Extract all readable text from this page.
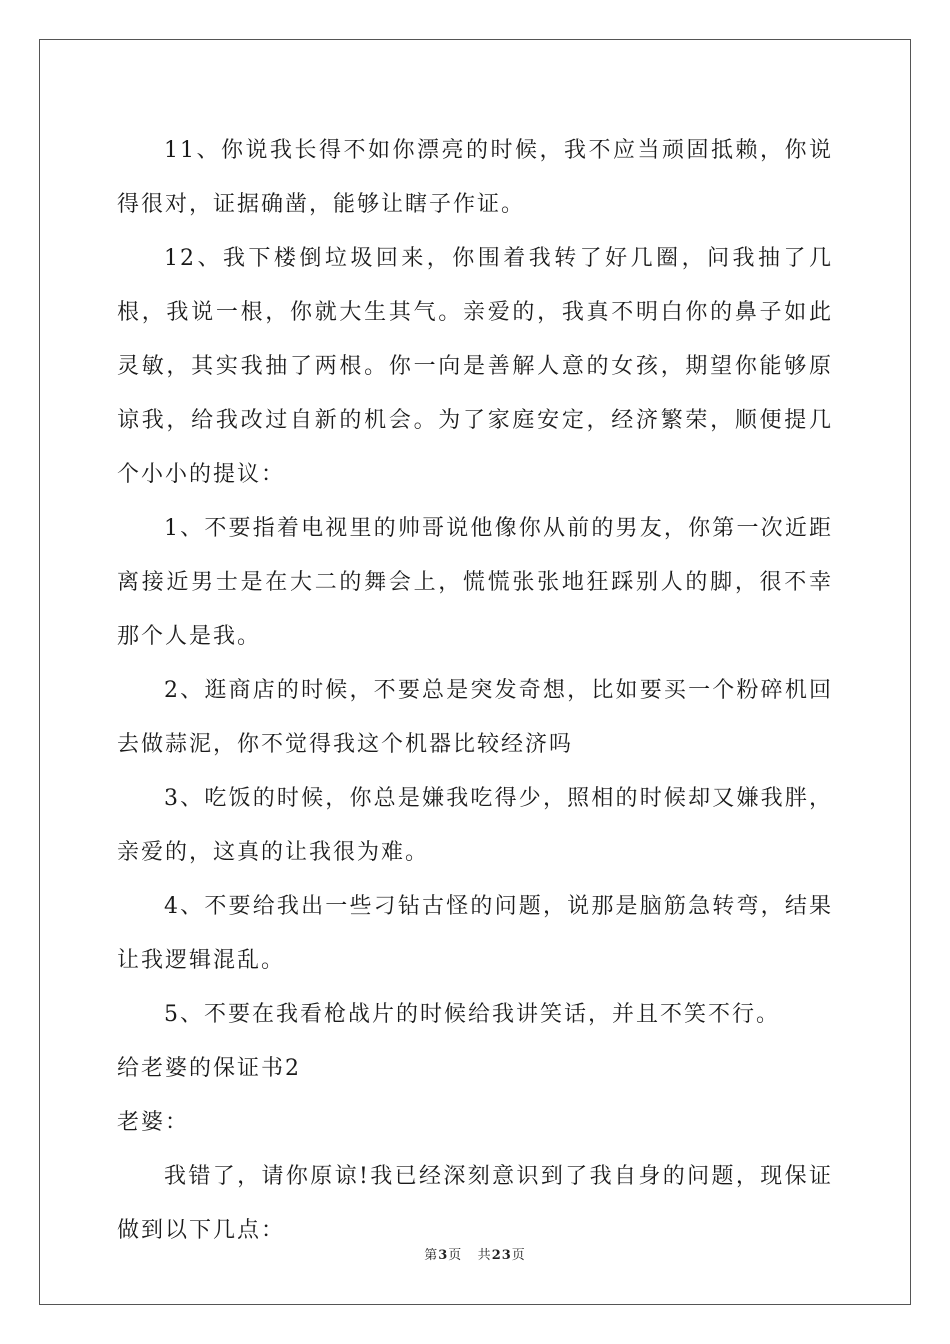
11、你说我长得不如你漂亮的时候，我不应当顽固抵赖，你说得很对，证据确凿，能够让瞎子作证。

12、我下楼倒垃圾回来，你围着我转了好几圈，问我抽了几根，我说一根，你就大生其气。亲爱的，我真不明白你的鼻子如此灵敏，其实我抽了两根。你一向是善解人意的女孩，期望你能够原谅我，给我改过自新的机会。为了家庭安定，经济繁荣，顺便提几个小小的提议：

1、不要指着电视里的帅哥说他像你从前的男友，你第一次近距离接近男士是在大二的舞会上，慌慌张张地狂踩别人的脚，很不幸那个人是我。

2、逛商店的时候，不要总是突发奇想，比如要买一个粉碎机回去做蒜泥，你不觉得我这个机器比较经济吗

3、吃饭的时候，你总是嫌我吃得少，照相的时候却又嫌我胖，亲爱的，这真的让我很为难。

4、不要给我出一些刁钻古怪的问题，说那是脑筋急转弯，结果让我逻辑混乱。

5、不要在我看枪战片的时候给我讲笑话，并且不笑不行。

给老婆的保证书2

老婆：

我错了，请你原谅!我已经深刻意识到了我自身的问题，现保证做到以下几点：

第3页 共23页
